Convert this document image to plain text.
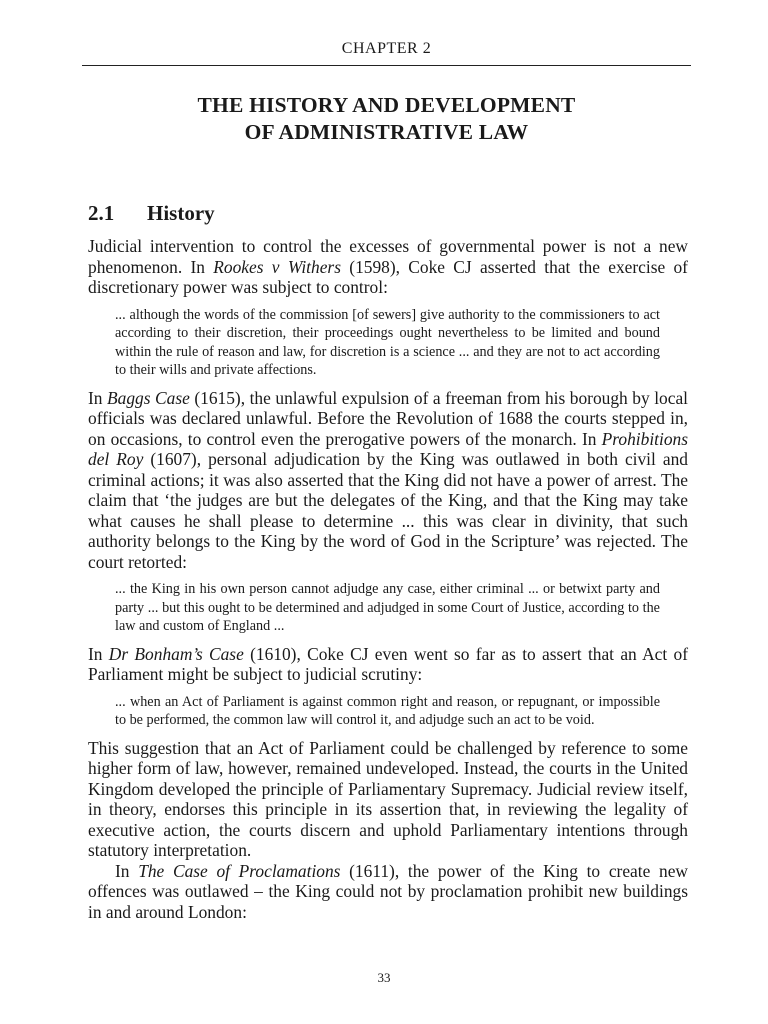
CHAPTER 2
THE HISTORY AND DEVELOPMENT
OF ADMINISTRATIVE LAW
2.1 History

Judicial intervention to control the excesses of governmental power is not a new phenomenon. In Rookes v Withers (1598), Coke CJ asserted that the exercise of discretionary power was subject to control:

... although the words of the commission [of sewers] give authority to the commissioners to act according to their discretion, their proceedings ought nevertheless to be limited and bound within the rule of reason and law, for discretion is a science ... and they are not to act according to their wills and private affections.

In Baggs Case (1615), the unlawful expulsion of a freeman from his borough by local officials was declared unlawful. Before the Revolution of 1688 the courts stepped in, on occasions, to control even the prerogative powers of the monarch. In Prohibitions del Roy (1607), personal adjudication by the King was outlawed in both civil and criminal actions; it was also asserted that the King did not have a power of arrest. The claim that ‘the judges are but the delegates of the King, and that the King may take what causes he shall please to determine ... this was clear in divinity, that such authority belongs to the King by the word of God in the Scripture’ was rejected. The court retorted:

... the King in his own person cannot adjudge any case, either criminal ... or betwixt party and party ... but this ought to be determined and adjudged in some Court of Justice, according to the law and custom of England ...

In Dr Bonham’s Case (1610), Coke CJ even went so far as to assert that an Act of Parliament might be subject to judicial scrutiny:

... when an Act of Parliament is against common right and reason, or repugnant, or impossible to be performed, the common law will control it, and adjudge such an act to be void.

This suggestion that an Act of Parliament could be challenged by reference to some higher form of law, however, remained undeveloped. Instead, the courts in the United Kingdom developed the principle of Parliamentary Supremacy. Judicial review itself, in theory, endorses this principle in its assertion that, in reviewing the legality of executive action, the courts discern and uphold Parliamentary intentions through statutory interpretation.

In The Case of Proclamations (1611), the power of the King to create new offences was outlawed – the King could not by proclamation prohibit new buildings in and around London:

33
